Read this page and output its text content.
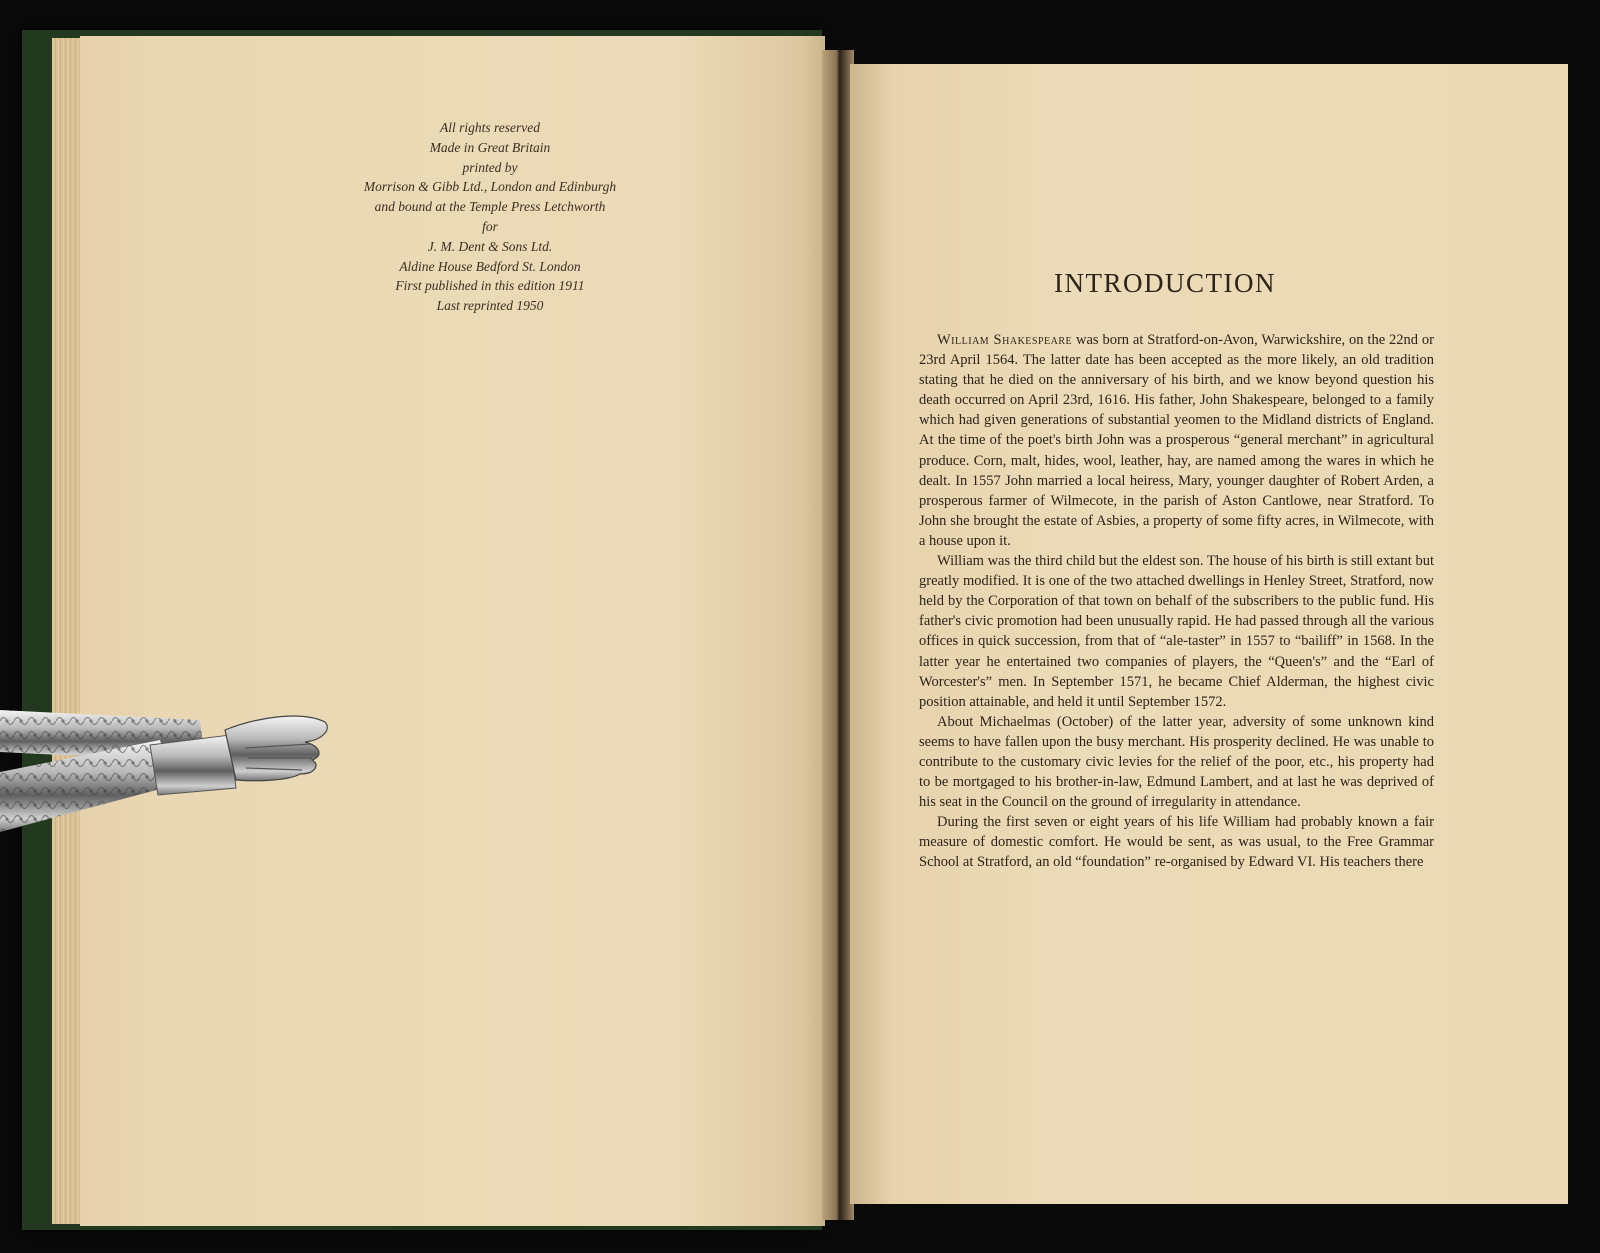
All rights reserved
Made in Great Britain
printed by
Morrison & Gibb Ltd., London and Edinburgh
and bound at the Temple Press Letchworth
for
J. M. Dent & Sons Ltd.
Aldine House Bedford St. London
First published in this edition 1911
Last reprinted 1950
INTRODUCTION

William Shakespeare was born at Stratford-on-Avon, Warwickshire, on the 22nd or 23rd April 1564. The latter date has been accepted as the more likely, an old tradition stating that he died on the anniversary of his birth, and we know beyond question his death occurred on April 23rd, 1616. His father, John Shakespeare, belonged to a family which had given generations of substantial yeomen to the Midland districts of England. At the time of the poet's birth John was a prosperous “general merchant” in agricultural produce. Corn, malt, hides, wool, leather, hay, are named among the wares in which he dealt. In 1557 John married a local heiress, Mary, younger daughter of Robert Arden, a prosperous farmer of Wilmecote, in the parish of Aston Cantlowe, near Stratford. To John she brought the estate of Asbies, a property of some fifty acres, in Wilmecote, with a house upon it.

William was the third child but the eldest son. The house of his birth is still extant but greatly modified. It is one of the two attached dwellings in Henley Street, Stratford, now held by the Corporation of that town on behalf of the subscribers to the public fund. His father's civic promotion had been unusually rapid. He had passed through all the various offices in quick succession, from that of “ale-taster” in 1557 to “bailiff” in 1568. In the latter year he entertained two companies of players, the “Queen's” and the “Earl of Worcester's” men. In September 1571, he became Chief Alderman, the highest civic position attainable, and held it until September 1572.

About Michaelmas (October) of the latter year, adversity of some unknown kind seems to have fallen upon the busy merchant. His prosperity declined. He was unable to contribute to the customary civic levies for the relief of the poor, etc., his property had to be mortgaged to his brother-in-law, Edmund Lambert, and at last he was deprived of his seat in the Council on the ground of irregularity in attendance.

During the first seven or eight years of his life William had probably known a fair measure of domestic comfort. He would be sent, as was usual, to the Free Grammar School at Stratford, an old “foundation” re-organised by Edward VI. His teachers there
